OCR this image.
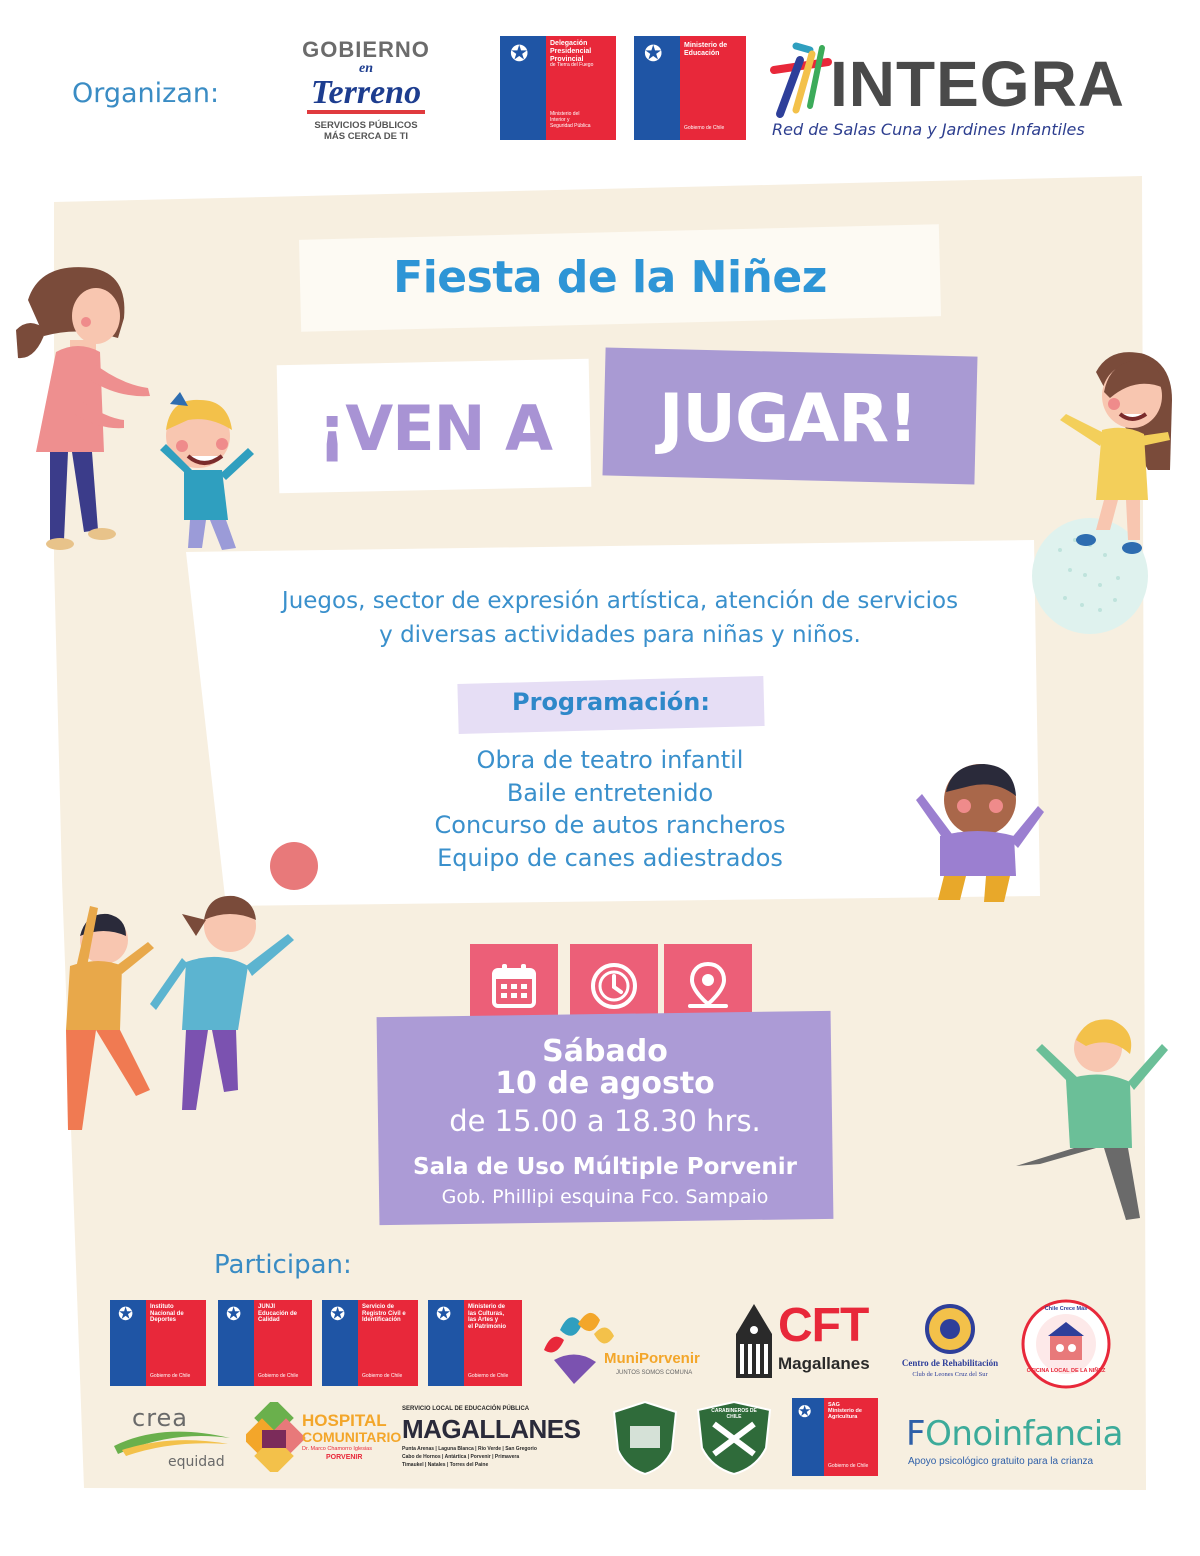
Organizan:
GOBIERNO
en
Terreno
SERVICIOS PÚBLICOS
MÁS CERCA DE TI
✪	Delegación
Presidencial
Provincial
de Tierra del Fuego
Ministerio del
Interior y
Seguridad Pública
✪	Ministerio de
Educación
Gobierno de Chile
INTEGRA
Red de Salas Cuna y Jardines Infantiles
Fiesta de la Niñez
¡VEN A	JUGAR!
Juegos, sector de expresión artística, atención de servicios
y diversas actividades para niñas y niños.
Programación:
Obra de teatro infantil
Baile entretenido
Concurso de autos rancheros
Equipo de canes adiestrados
Sábado
10 de agosto
de 15.00 a 18.30 hrs.
Sala de Uso Múltiple Porvenir
Gob. Phillipi esquina Fco. Sampaio
Participan:
✪	Instituto
Nacional de
Deportes
Gobierno de Chile
✪	JUNJI
Educación de
Calidad
Gobierno de Chile
✪	Servicio de
Registro Civil e
Identificación
Gobierno de Chile
✪	Ministerio de
las Culturas,
las Artes y
el Patrimonio
Gobierno de Chile
MuniPorvenir
JUNTOS SOMOS COMUNA
CFT
Magallanes	Centro de Rehabilitación
Club de Leones Cruz del Sur
Chile Crece Más
OFICINA LOCAL DE LA NIÑEZ
crea
equidad
HOSPITAL
COMUNITARIO
Dr. Marco Chamorro Iglesias
PORVENIR
SERVICIO LOCAL DE EDUCACIÓN PÚBLICA
MAGALLANES
Punta Arenas | Laguna Blanca | Río Verde | San Gregorio
Cabo de Hornos | Antártica | Porvenir | Primavera
Timaukel | Natales | Torres del Paine
CARABINEROS DE CHILE	✪	SAG
Ministerio de
Agricultura
Gobierno de Chile
FOnoinfancia
Apoyo psicológico gratuito para la crianza
